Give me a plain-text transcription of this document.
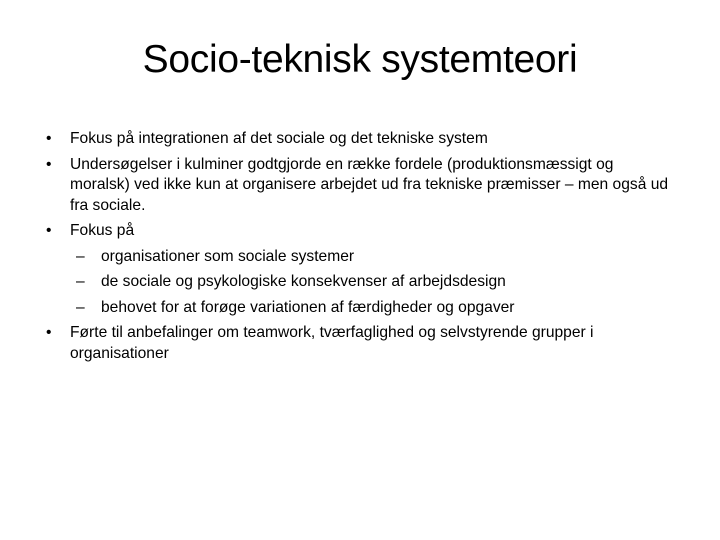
Socio-teknisk systemteori
•	Fokus på integrationen af det sociale og det tekniske system
•	Undersøgelser i kulminer godtgjorde en række fordele (produktionsmæssigt og moralsk) ved ikke kun at organisere arbejdet ud fra tekniske præmisser – men også ud fra sociale.
•	Fokus på
–	organisationer som sociale systemer
–	de sociale og psykologiske konsekvenser af arbejdsdesign
–	behovet for at forøge variationen af færdigheder og opgaver
•	Førte til anbefalinger om teamwork, tværfaglighed og selvstyrende grupper i organisationer
